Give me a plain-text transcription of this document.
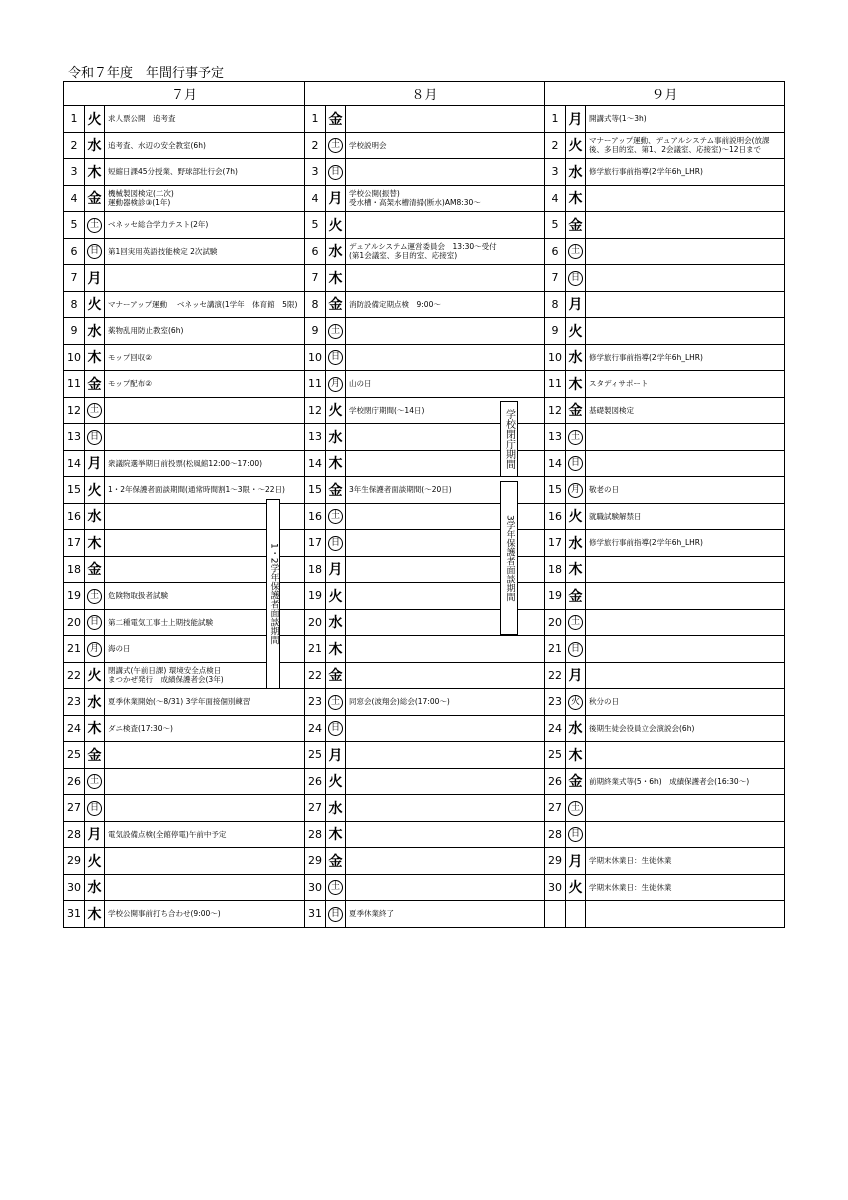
令和７年度　年間行事予定
７月		
1	火	求人票公開　追考査
2	水	追考査、水辺の安全教室(6h)
3	木	短縮日課45分授業、野球部壮行会(7h)
4	金	機械製図検定(二次)
運動器検診③(1年)
5	土	ベネッセ総合学力テスト(2年)
6	日	第1回実用英語技能検定 2次試験
7	月	
8	火	マナーアップ運動　 ベネッセ講演(1学年　体育館　5限)
9	水	薬物乱用防止教室(6h)
10	木	モップ回収②
11	金	モップ配布②
12	土	
13	日	
14	月	衆議院選挙期日前投票(松風館12:00～17:00)
15	火	1・2年保護者面談期間(通常時間割1～3限・～22日)
16	水	
17	木	
18	金	
19	土	危険物取扱者試験
20	日	第二種電気工事士上期技能試験
21	月	海の日
22	火	閉講式(午前日課) 環境安全点検日
まつかぜ発行　成績保護者会(3年)
23	水	夏季休業開始(～8/31) 3学年面接個別練習
24	木	ダニ検査(17:30～)
25	金	
26	土	
27	日	
28	月	電気設備点検(全館停電)午前中予定
29	火	
30	水	
31	木	学校公開事前打ち合わせ(9:00～)
８月		
1	金	
2	土	学校説明会
3	日	
4	月	学校公開(振替)
受水槽・高架水槽清掃(断水)AM8:30～
5	火	
6	水	デュアルシステム運営委員会　13:30～受付
(第1会議室、多目的室、応接室)
7	木	
8	金	消防設備定期点検　9:00～
9	土	
10	日	
11	月	山の日
12	火	学校閉庁期間(～14日)
13	水	
14	木	
15	金	3年生保護者面談期間(～20日)
16	土	
17	日	
18	月	
19	火	
20	水	
21	木	
22	金	
23	土	同窓会(波翔会)総会(17:00～)
24	日	
25	月	
26	火	
27	水	
28	木	
29	金	
30	土	
31	日	夏季休業終了
９月		
1	月	開講式等(1～3h)
2	火	マナーアップ運動、デュアルシステム事前説明会(放課後、多目的室、第1、2会議室、応接室)～12日まで
3	水	修学旅行事前指導(2学年6h_LHR)
4	木	
5	金	
6	土	
7	日	
8	月	
9	火	
10	水	修学旅行事前指導(2学年6h_LHR)
11	木	スタディサポート
12	金	基礎製図検定
13	土	
14	日	
15	月	敬老の日
16	火	就職試験解禁日
17	水	修学旅行事前指導(2学年6h_LHR)
18	木	
19	金	
20	土	
21	日	
22	月	
23	火	秋分の日
24	水	後期生徒会役員立会演説会(6h)
25	木	
26	金	前期終業式等(5・6h)　成績保護者会(16:30～)
27	土	
28	日	
29	月	学期末休業日：生徒休業
30	火	学期末休業日：生徒休業

1・2学年保護者面談期間
学校閉庁期間
3学年保護者面談期間
